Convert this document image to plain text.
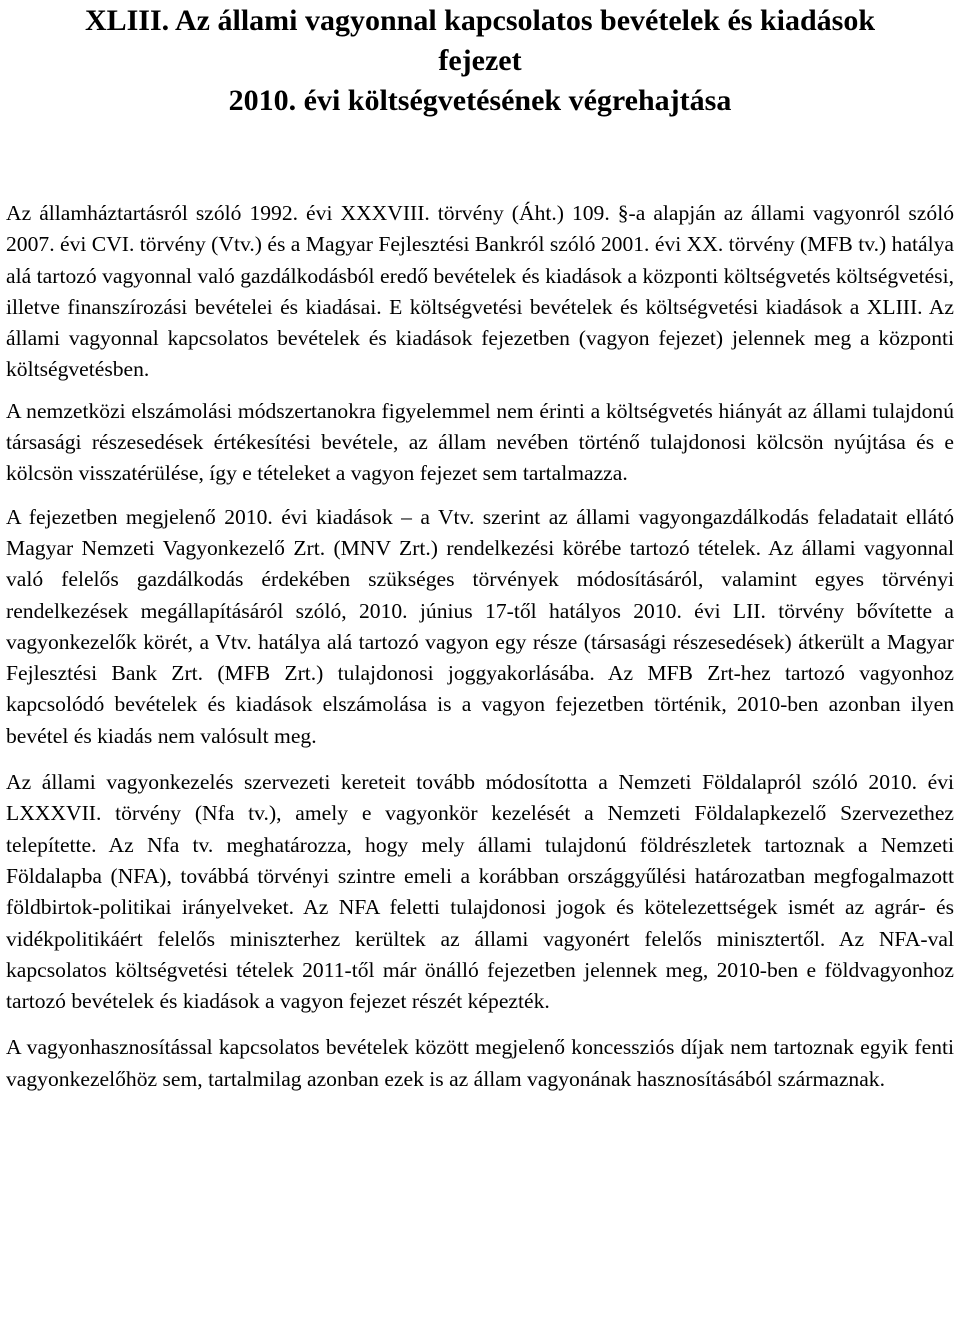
XLIII. Az állami vagyonnal kapcsolatos bevételek és kiadások
fejezet
2010. évi költségvetésének végrehajtása

Az államháztartásról szóló 1992. évi XXXVIII. törvény (Áht.) 109. §-a alapján az állami vagyonról szóló 2007. évi CVI. törvény (Vtv.) és a Magyar Fejlesztési Bankról szóló 2001. évi XX. törvény (MFB tv.) hatálya alá tartozó vagyonnal való gazdálkodásból eredő bevételek és kiadások a központi költségvetés költségvetési, illetve finanszírozási bevételei és kiadásai. E költségvetési bevételek és költségvetési kiadások a XLIII. Az állami vagyonnal kapcsolatos bevételek és kiadások fejezetben (vagyon fejezet) jelennek meg a központi költségvetésben.

A nemzetközi elszámolási módszertanokra figyelemmel nem érinti a költségvetés hiányát az állami tulajdonú társasági részesedések értékesítési bevétele, az állam nevében történő tulajdonosi kölcsön nyújtása és e kölcsön visszatérülése, így e tételeket a vagyon fejezet sem tartalmazza.

A fejezetben megjelenő 2010. évi kiadások – a Vtv. szerint az állami vagyongazdálkodás feladatait ellátó Magyar Nemzeti Vagyonkezelő Zrt. (MNV Zrt.) rendelkezési körébe tartozó tételek. Az állami vagyonnal való felelős gazdálkodás érdekében szükséges törvények módosításáról, valamint egyes törvényi rendelkezések megállapításáról szóló, 2010. június 17-től hatályos 2010. évi LII. törvény bővítette a vagyonkezelők körét, a Vtv. hatálya alá tartozó vagyon egy része (társasági részesedések) átkerült a Magyar Fejlesztési Bank Zrt. (MFB Zrt.) tulajdonosi joggyakorlásába. Az MFB Zrt-hez tartozó vagyonhoz kapcsolódó bevételek és kiadások elszámolása is a vagyon fejezetben történik, 2010-ben azonban ilyen bevétel és kiadás nem valósult meg.

Az állami vagyonkezelés szervezeti kereteit tovább módosította a Nemzeti Földalapról szóló 2010. évi LXXXVII. törvény (Nfa tv.), amely e vagyonkör kezelését a Nemzeti Földalapkezelő Szervezethez telepítette. Az Nfa tv. meghatározza, hogy mely állami tulajdonú földrészletek tartoznak a Nemzeti Földalapba (NFA), továbbá törvényi szintre emeli a korábban országgyűlési határozatban megfogalmazott földbirtok-politikai irányelveket. Az NFA feletti tulajdonosi jogok és kötelezettségek ismét az agrár- és vidékpolitikáért felelős miniszterhez kerültek az állami vagyonért felelős minisztertől. Az NFA-val kapcsolatos költségvetési tételek 2011-től már önálló fejezetben jelennek meg, 2010-ben e földvagyonhoz tartozó bevételek és kiadások a vagyon fejezet részét képezték.

A vagyonhasznosítással kapcsolatos bevételek között megjelenő koncessziós díjak nem tartoznak egyik fenti vagyonkezelőhöz sem, tartalmilag azonban ezek is az állam vagyonának hasznosításából származnak.
